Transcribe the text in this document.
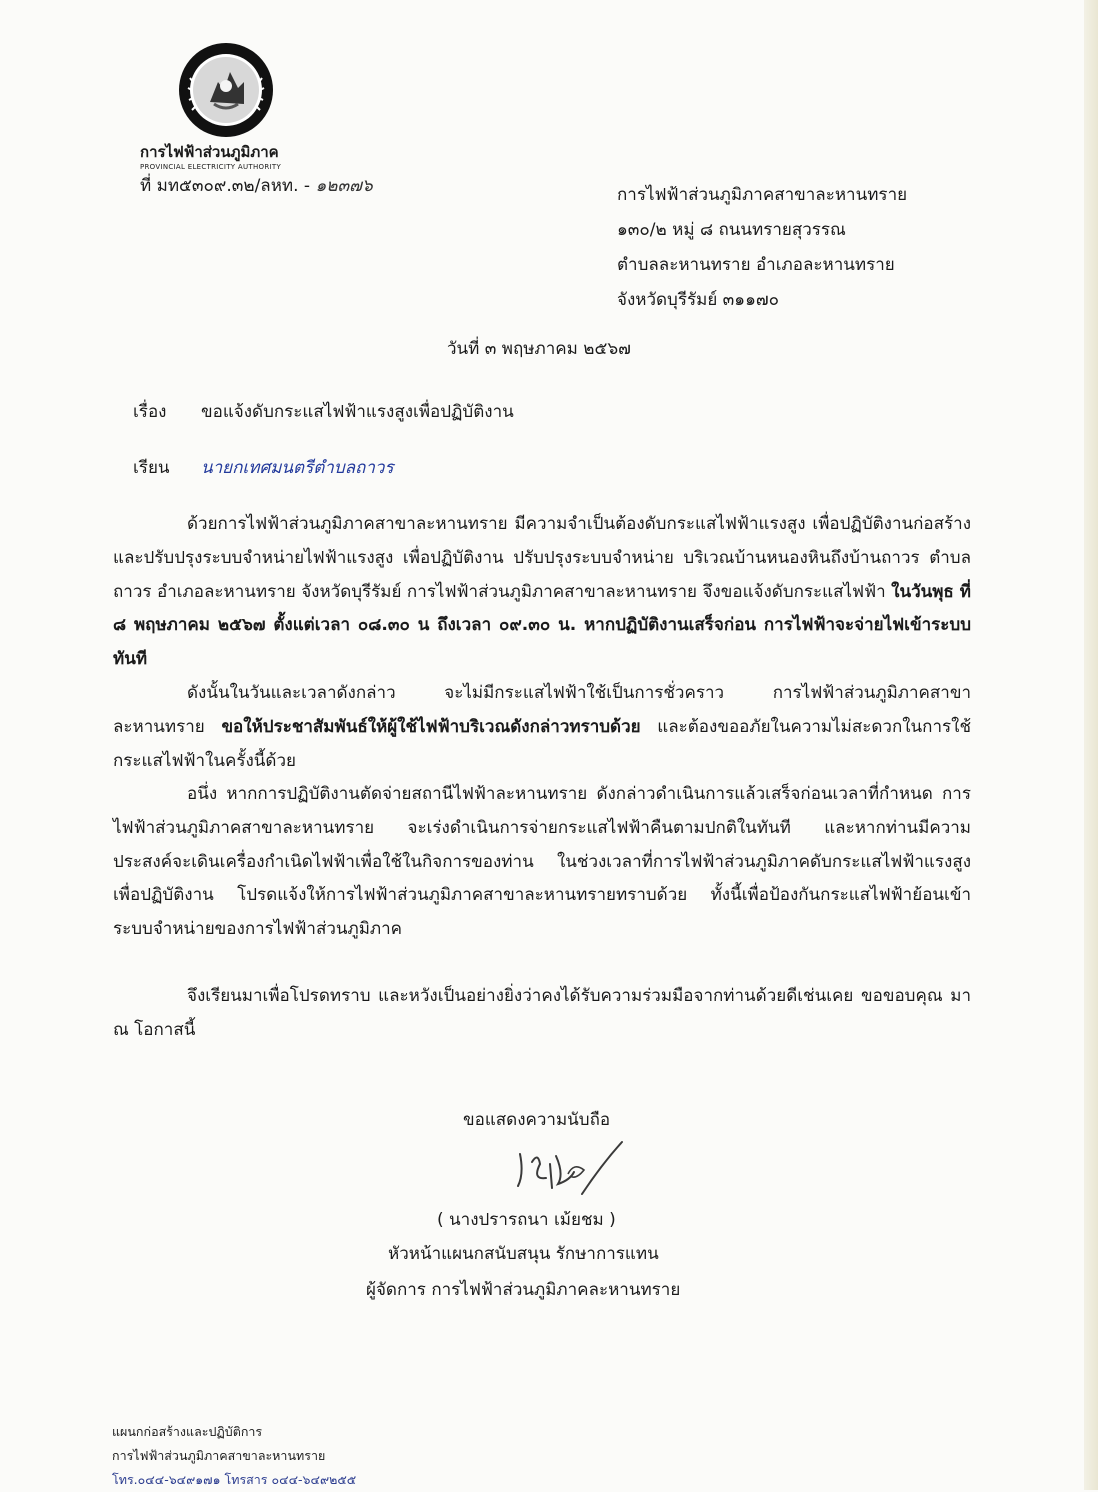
การไฟฟ้าส่วนภูมิภาค
PROVINCIAL ELECTRICITY AUTHORITY
ที่ มท๕๓๐๙.๓๒/ลหท. - ๑๒๓๗๖	การไฟฟ้าส่วนภูมิภาคสาขาละหานทราย
๑๓๐/๒ หมู่ ๘ ถนนทรายสุวรรณ
ตำบลละหานทราย อำเภอละหานทราย
จังหวัดบุรีรัมย์ ๓๑๑๗๐
วันที่ ๓ พฤษภาคม ๒๕๖๗
เรื่อง ขอแจ้งดับกระแสไฟฟ้าแรงสูงเพื่อปฏิบัติงาน
เรียน นายกเทศมนตรีตำบลถาวร
ด้วยการไฟฟ้าส่วนภูมิภาคสาขาละหานทราย มีความจำเป็นต้องดับกระแสไฟฟ้าแรงสูง เพื่อปฏิบัติงานก่อสร้างและปรับปรุงระบบจำหน่ายไฟฟ้าแรงสูง เพื่อปฏิบัติงาน ปรับปรุงระบบจำหน่าย บริเวณบ้านหนองหินถึงบ้านถาวร ตำบลถาวร อำเภอละหานทราย จังหวัดบุรีรัมย์ การไฟฟ้าส่วนภูมิภาคสาขาละหานทราย จึงขอแจ้งดับกระแสไฟฟ้า ในวันพุธ ที่ ๘ พฤษภาคม ๒๕๖๗ ตั้งแต่เวลา ๐๘.๓๐ น ถึงเวลา ๐๙.๓๐ น. หากปฏิบัติงานเสร็จก่อน การไฟฟ้าจะจ่ายไฟเข้าระบบทันที
ดังนั้นในวันและเวลาดังกล่าว จะไม่มีกระแสไฟฟ้าใช้เป็นการชั่วคราว การไฟฟ้าส่วนภูมิภาคสาขาละหานทราย ขอให้ประชาสัมพันธ์ให้ผู้ใช้ไฟฟ้าบริเวณดังกล่าวทราบด้วย และต้องขออภัยในความไม่สะดวกในการใช้กระแสไฟฟ้าในครั้งนี้ด้วย
อนึ่ง หากการปฏิบัติงานตัดจ่ายสถานีไฟฟ้าละหานทราย ดังกล่าวดำเนินการแล้วเสร็จก่อนเวลาที่กำหนด การไฟฟ้าส่วนภูมิภาคสาขาละหานทราย จะเร่งดำเนินการจ่ายกระแสไฟฟ้าคืนตามปกติในทันที และหากท่านมีความประสงค์จะเดินเครื่องกำเนิดไฟฟ้าเพื่อใช้ในกิจการของท่าน ในช่วงเวลาที่การไฟฟ้าส่วนภูมิภาคดับกระแสไฟฟ้าแรงสูงเพื่อปฏิบัติงาน โปรดแจ้งให้การไฟฟ้าส่วนภูมิภาคสาขาละหานทรายทราบด้วย ทั้งนี้เพื่อป้องกันกระแสไฟฟ้าย้อนเข้าระบบจำหน่ายของการไฟฟ้าส่วนภูมิภาค
จึงเรียนมาเพื่อโปรดทราบ และหวังเป็นอย่างยิ่งว่าคงได้รับความร่วมมือจากท่านด้วยดีเช่นเคย ขอขอบคุณ มา ณ โอกาสนี้
ขอแสดงความนับถือ
( นางปรารถนา เม้ยชม )
หัวหน้าแผนกสนับสนุน รักษาการแทน
ผู้จัดการ การไฟฟ้าส่วนภูมิภาคละหานทราย
แผนกก่อสร้างและปฏิบัติการ
การไฟฟ้าส่วนภูมิภาคสาขาละหานทราย
โทร.๐๔๔-๖๔๙๑๗๑ โทรสาร ๐๔๔-๖๔๙๒๕๕
